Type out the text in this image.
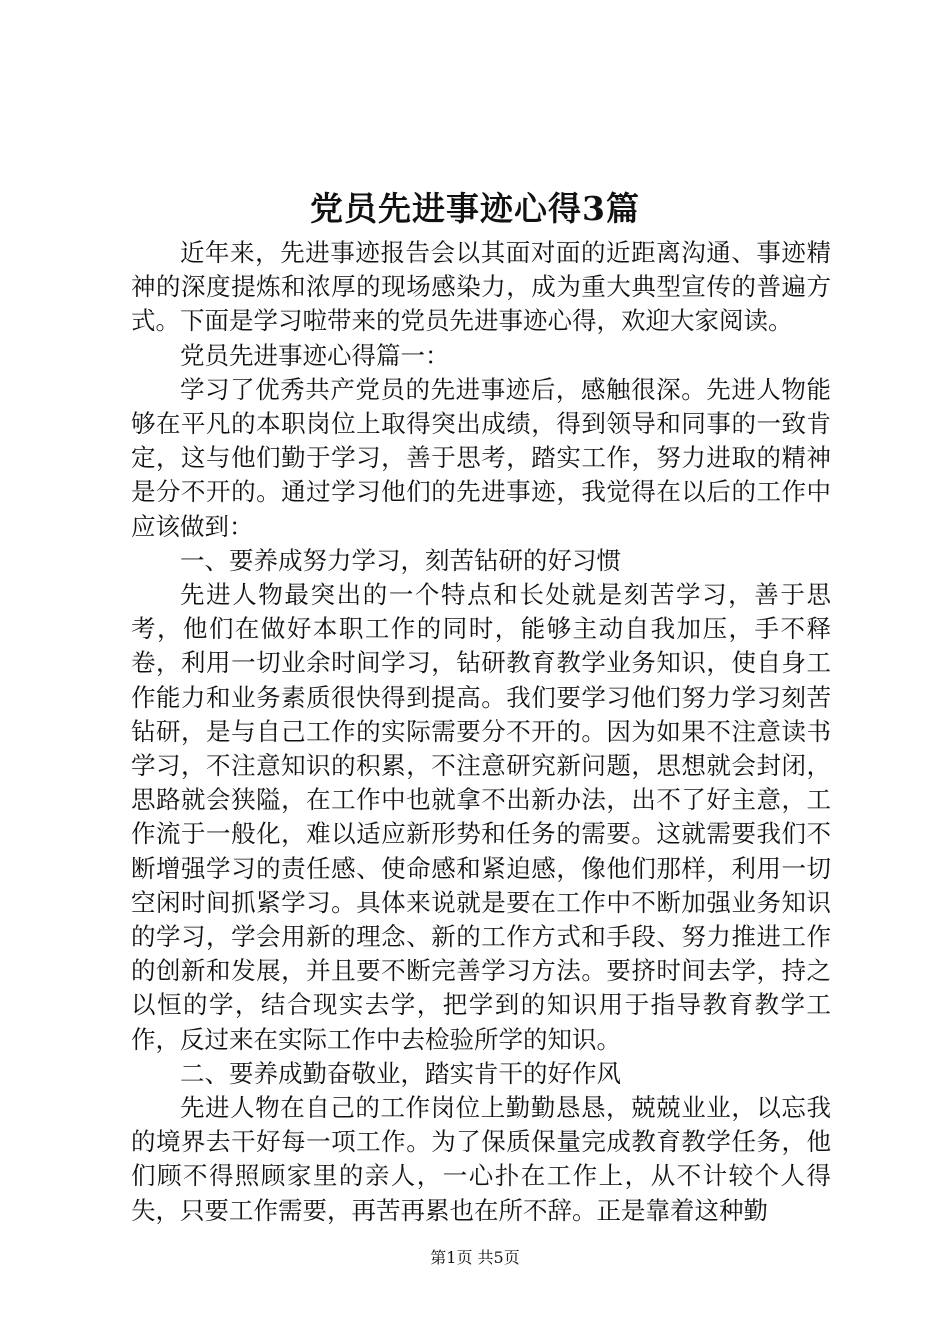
党员先进事迹心得3篇

近年来，先进事迹报告会以其面对面的近距离沟通、事迹精神的深度提炼和浓厚的现场感染力，成为重大典型宣传的普遍方式。下面是学习啦带来的党员先进事迹心得，欢迎大家阅读。

党员先进事迹心得篇一：

学习了优秀共产党员的先进事迹后，感触很深。先进人物能够在平凡的本职岗位上取得突出成绩，得到领导和同事的一致肯定，这与他们勤于学习，善于思考，踏实工作，努力进取的精神是分不开的。通过学习他们的先进事迹，我觉得在以后的工作中应该做到：

一、要养成努力学习，刻苦钻研的好习惯

先进人物最突出的一个特点和长处就是刻苦学习，善于思考，他们在做好本职工作的同时，能够主动自我加压，手不释卷，利用一切业余时间学习，钻研教育教学业务知识，使自身工作能力和业务素质很快得到提高。我们要学习他们努力学习刻苦钻研，是与自己工作的实际需要分不开的。因为如果不注意读书学习，不注意知识的积累，不注意研究新问题，思想就会封闭，思路就会狭隘，在工作中也就拿不出新办法，出不了好主意，工作流于一般化，难以适应新形势和任务的需要。这就需要我们不断增强学习的责任感、使命感和紧迫感，像他们那样，利用一切空闲时间抓紧学习。具体来说就是要在工作中不断加强业务知识的学习，学会用新的理念、新的工作方式和手段、努力推进工作的创新和发展，并且要不断完善学习方法。要挤时间去学，持之以恒的学，结合现实去学，把学到的知识用于指导教育教学工作，反过来在实际工作中去检验所学的知识。

二、要养成勤奋敬业，踏实肯干的好作风

先进人物在自己的工作岗位上勤勤恳恳，兢兢业业，以忘我的境界去干好每一项工作。为了保质保量完成教育教学任务，他们顾不得照顾家里的亲人，一心扑在工作上，从不计较个人得失，只要工作需要，再苦再累也在所不辞。正是靠着这种勤

第1页 共5页
